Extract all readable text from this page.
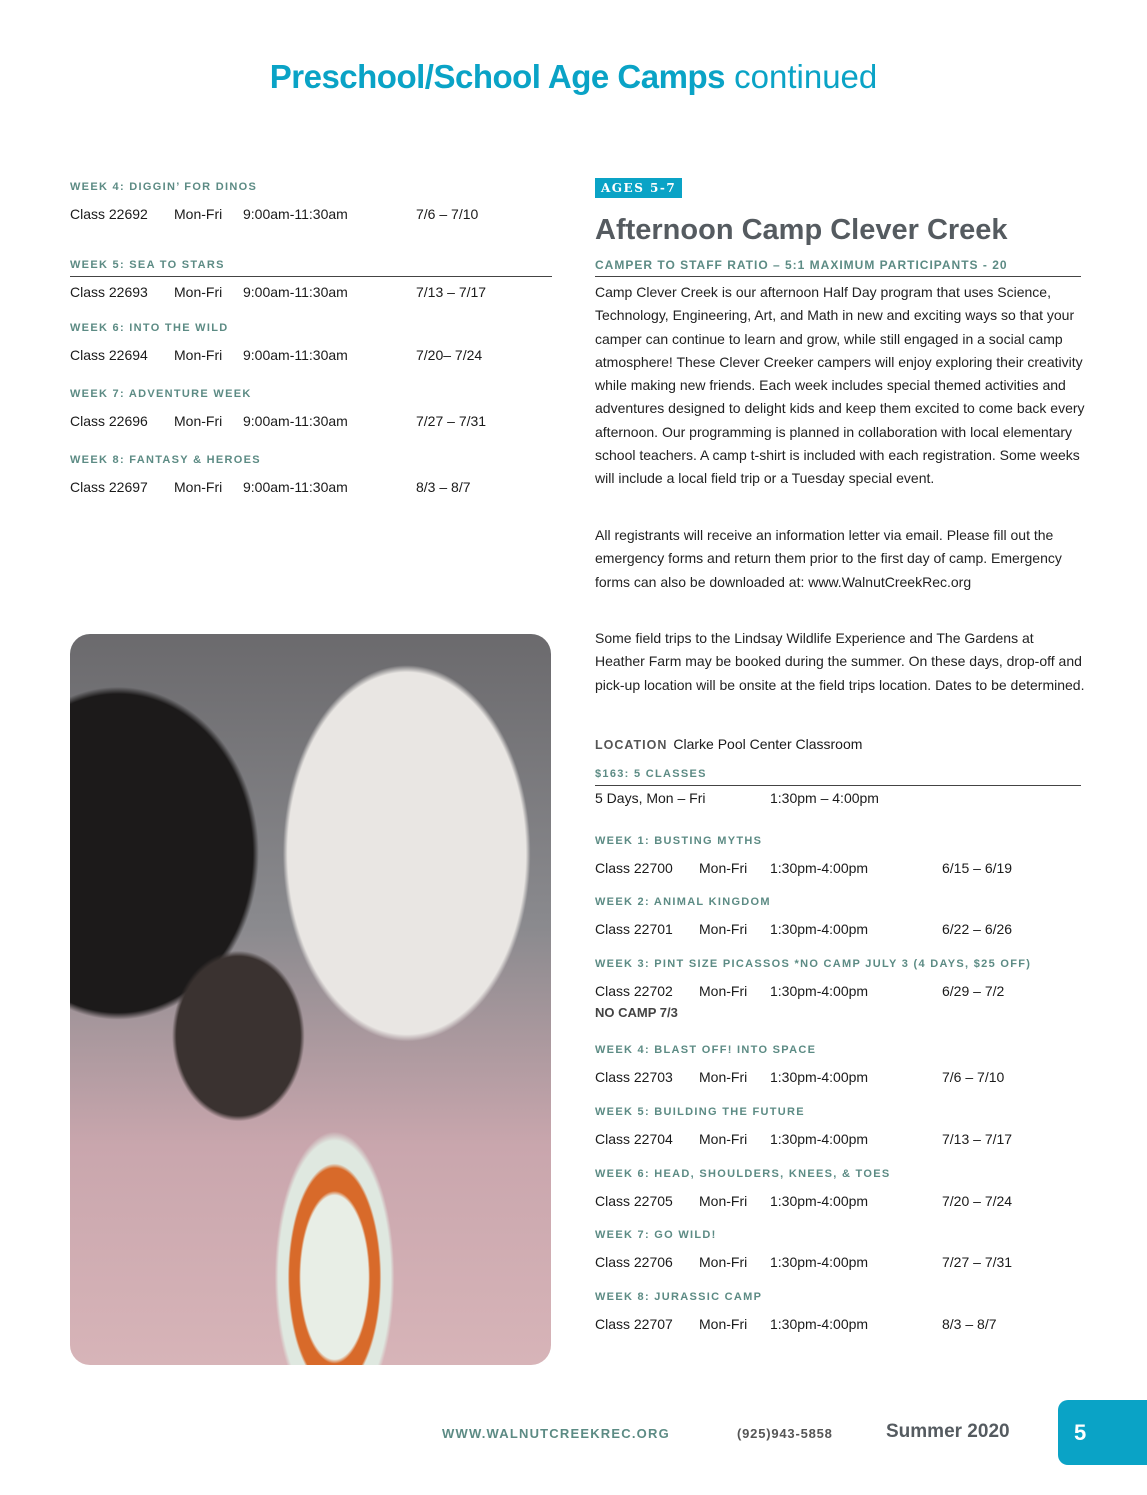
Preschool/School Age Camps continued
WEEK 4: DIGGIN’ FOR DINOS
Class 22692 Mon-Fri 9:00am-11:30am	7/6 – 7/10
WEEK 5: SEA TO STARS
Class 22693 Mon-Fri 9:00am-11:30am	7/13 – 7/17
WEEK 6: INTO THE WILD
Class 22694 Mon-Fri 9:00am-11:30am	7/20– 7/24
WEEK 7: ADVENTURE WEEK
Class 22696 Mon-Fri 9:00am-11:30am	7/27 – 7/31
WEEK 8: FANTASY & HEROES
Class 22697 Mon-Fri 9:00am-11:30am	8/3 – 8/7
AGES 5-7
Afternoon Camp Clever Creek
CAMPER TO STAFF RATIO – 5:1 MAXIMUM PARTICIPANTS - 20
Camp Clever Creek is our afternoon Half Day program that uses Science, Technology, Engineering, Art, and Math in new and exciting ways so that your camper can continue to learn and grow, while still engaged in a social camp atmosphere! These Clever Creeker campers will enjoy exploring their creativity while making new friends. Each week includes special themed activities and adventures designed to delight kids and keep them excited to come back every afternoon. Our programming is planned in collaboration with local elementary school teachers. A camp t-shirt is included with each registration. Some weeks will include a local field trip or a Tuesday special event.
All registrants will receive an information letter via email. Please fill out the emergency forms and return them prior to the first day of camp. Emergency forms can also be downloaded at: www.WalnutCreekRec.org
Some field trips to the Lindsay Wildlife Experience and The Gardens at Heather Farm may be booked during the summer. On these days, drop-off and pick-up location will be onsite at the field trips location. Dates to be determined.
LOCATION Clarke Pool Center Classroom
$163: 5 CLASSES
5 Days, Mon – Fri	1:30pm – 4:00pm
WEEK 1: BUSTING MYTHS
Class 22700 Mon-Fri 1:30pm-4:00pm	6/15 – 6/19
WEEK 2: ANIMAL KINGDOM
Class 22701 Mon-Fri 1:30pm-4:00pm	6/22 – 6/26
WEEK 3: PINT SIZE PICASSOS *NO CAMP JULY 3 (4 DAYS, $25 OFF)
Class 22702 Mon-Fri 1:30pm-4:00pm	6/29 – 7/2
NO CAMP 7/3
WEEK 4: BLAST OFF! INTO SPACE
Class 22703 Mon-Fri 1:30pm-4:00pm	7/6 – 7/10
WEEK 5: BUILDING THE FUTURE
Class 22704 Mon-Fri 1:30pm-4:00pm	7/13 – 7/17
WEEK 6: HEAD, SHOULDERS, KNEES, & TOES
Class 22705 Mon-Fri 1:30pm-4:00pm	7/20 – 7/24
WEEK 7: GO WILD!
Class 22706 Mon-Fri 1:30pm-4:00pm	7/27 – 7/31
WEEK 8: JURASSIC CAMP
Class 22707 Mon-Fri 1:30pm-4:00pm	8/3 – 8/7
WWW.WALNUTCREEKREC.ORG	(925)943-5858	Summer 2020	5
